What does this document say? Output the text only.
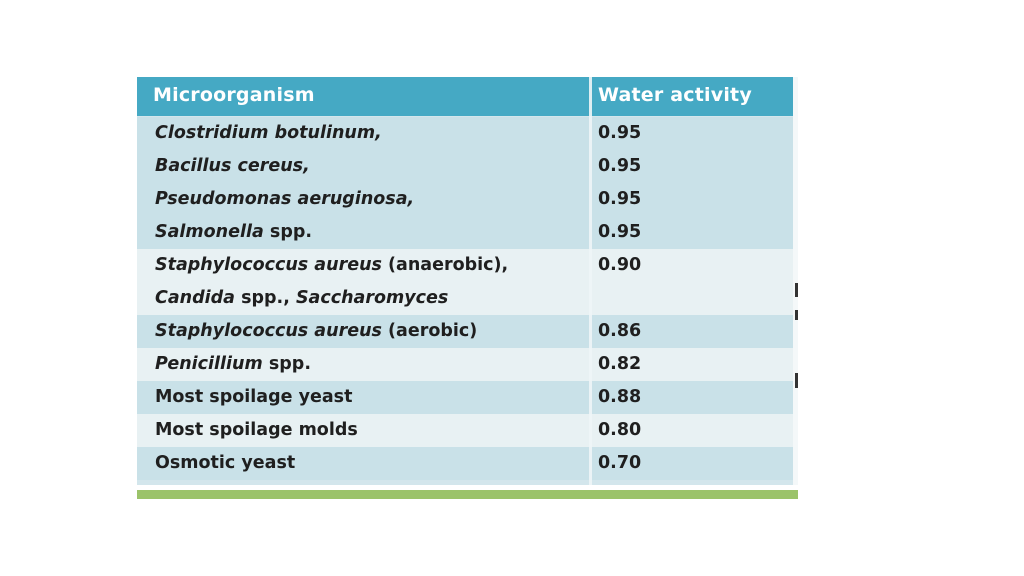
Microorganism	Water activity
Clostridium botulinum,	0.95
Bacillus cereus,	0.95
Pseudomonas aeruginosa,	0.95
Salmonella spp.	0.95
Staphylococcus aureus (anaerobic),	0.90
Candida spp., Saccharomyces
Staphylococcus aureus (aerobic)	0.86
Penicillium spp.	0.82
Most spoilage yeast	0.88
Most spoilage molds	0.80
Osmotic yeast	0.70
